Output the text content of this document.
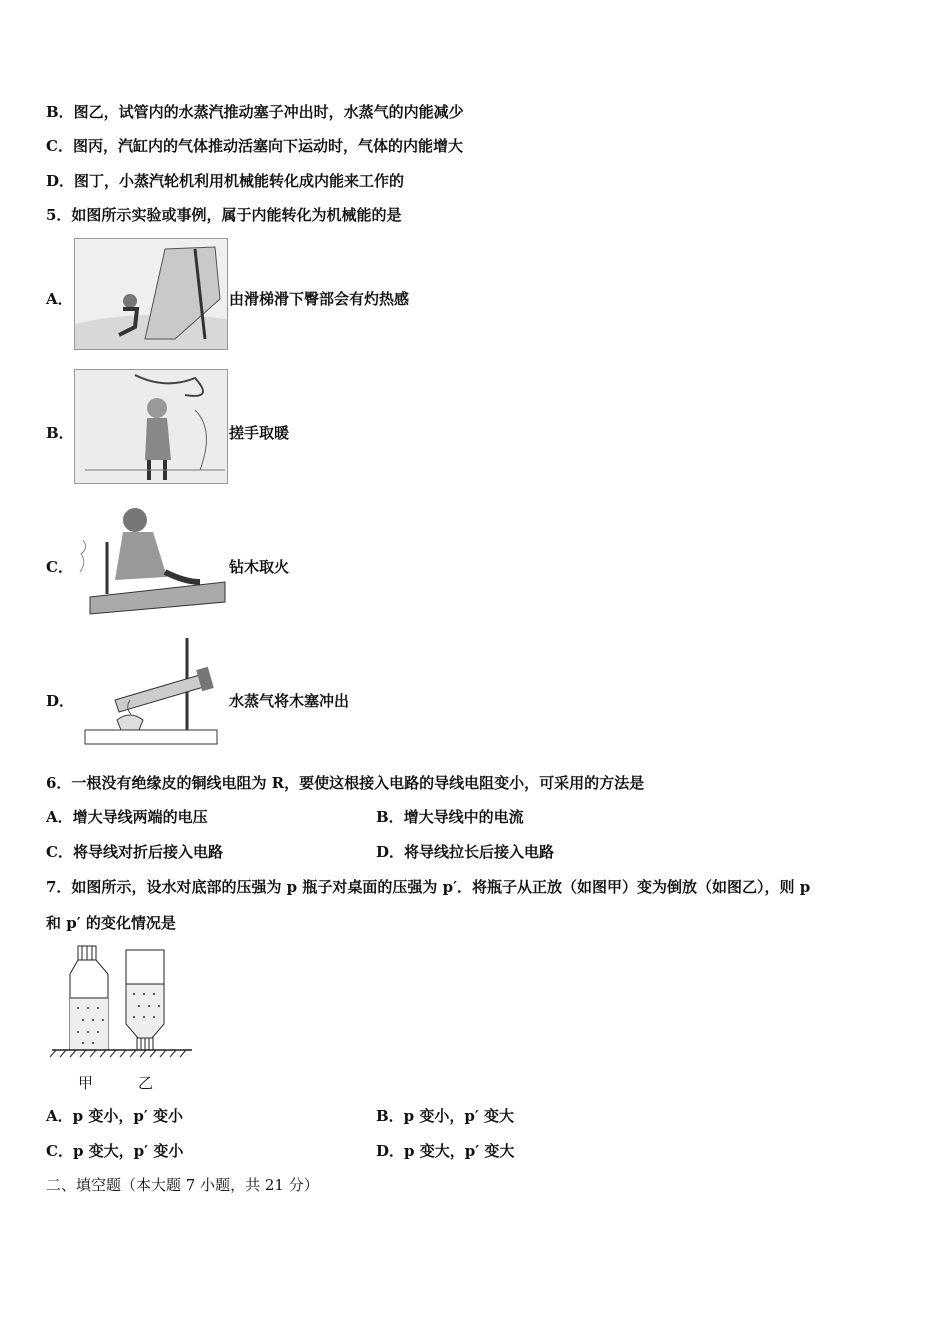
B．图乙，试管内的水蒸汽推动塞子冲出时，水蒸气的内能减少
C．图丙，汽缸内的气体推动活塞向下运动时，气体的内能增大
D．图丁，小蒸汽轮机利用机械能转化成内能来工作的
5．如图所示实验或事例，属于内能转化为机械能的是
A．	由滑梯滑下臀部会有灼热感
B．	搓手取暖
C．	钻木取火
D．	水蒸气将木塞冲出
6．一根没有绝缘皮的铜线电阻为 R，要使这根接入电路的导线电阻变小，可采用的方法是
A．增大导线两端的电压	B．增大导线中的电流
C．将导线对折后接入电路	D．将导线拉长后接入电路
7．如图所示，设水对底部的压强为 p 瓶子对桌面的压强为 p′．将瓶子从正放（如图甲）变为倒放（如图乙），则 p
和 p′ 的变化情况是
甲	乙
A．p 变小，p′ 变小	B．p 变小，p′ 变大
C．p 变大，p′ 变小	D．p 变大，p′ 变大
二、填空题（本大题 7 小题，共 21 分）
